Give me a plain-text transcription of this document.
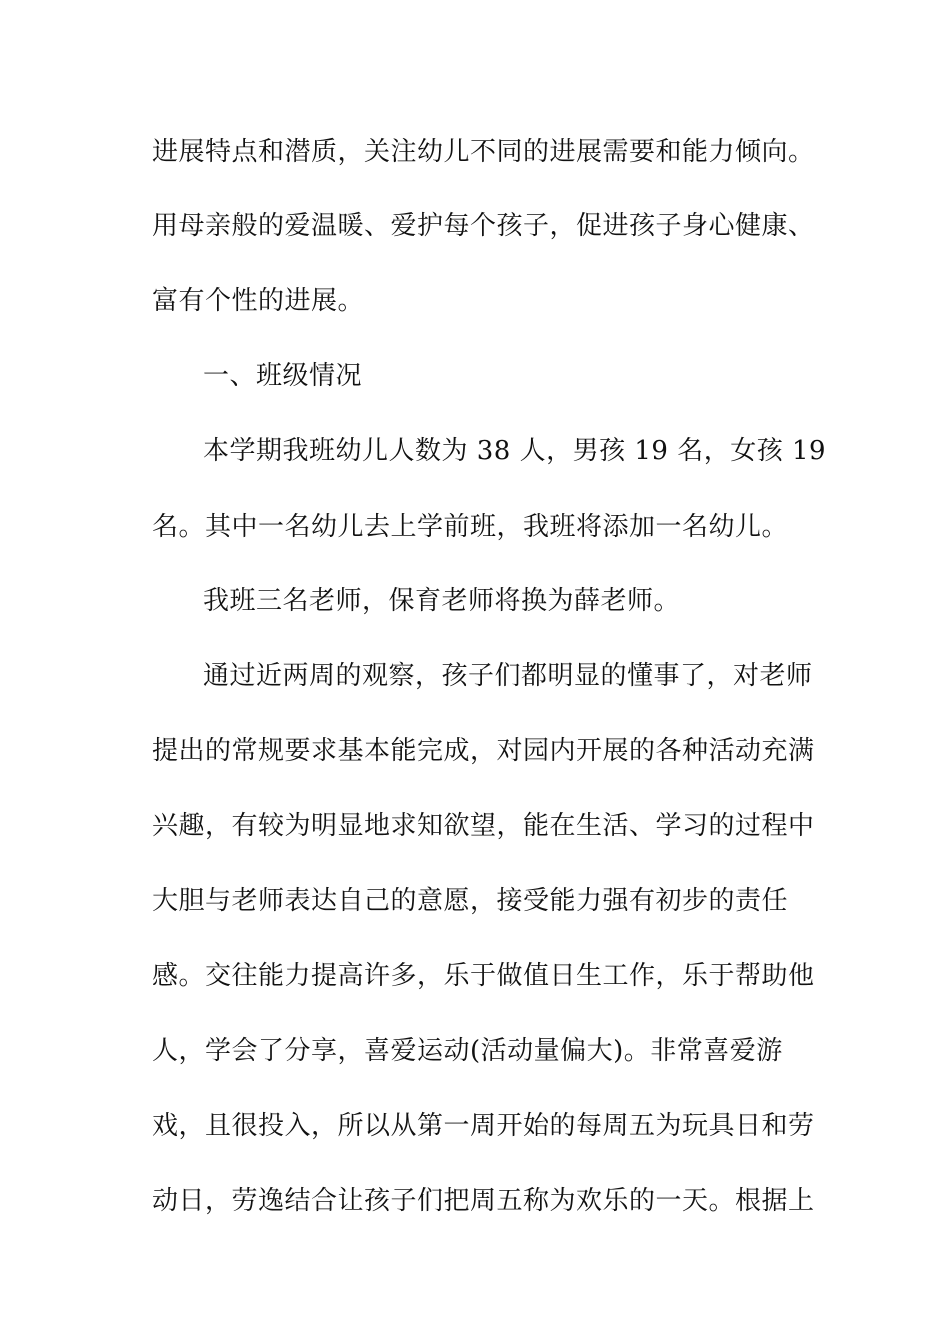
进展特点和潜质，关注幼儿不同的进展需要和能力倾向。
用母亲般的爱温暖、爱护每个孩子，促进孩子身心健康、
富有个性的进展。
一、班级情况
本学期我班幼儿人数为 38 人，男孩 19 名，女孩 19
名。其中一名幼儿去上学前班，我班将添加一名幼儿。
我班三名老师，保育老师将换为薛老师。
通过近两周的观察，孩子们都明显的懂事了，对老师
提出的常规要求基本能完成，对园内开展的各种活动充满
兴趣，有较为明显地求知欲望，能在生活、学习的过程中
大胆与老师表达自己的意愿，接受能力强有初步的责任
感。交往能力提高许多，乐于做值日生工作，乐于帮助他
人，学会了分享，喜爱运动(活动量偏大)。非常喜爱游
戏，且很投入，所以从第一周开始的每周五为玩具日和劳
动日，劳逸结合让孩子们把周五称为欢乐的一天。根据上
